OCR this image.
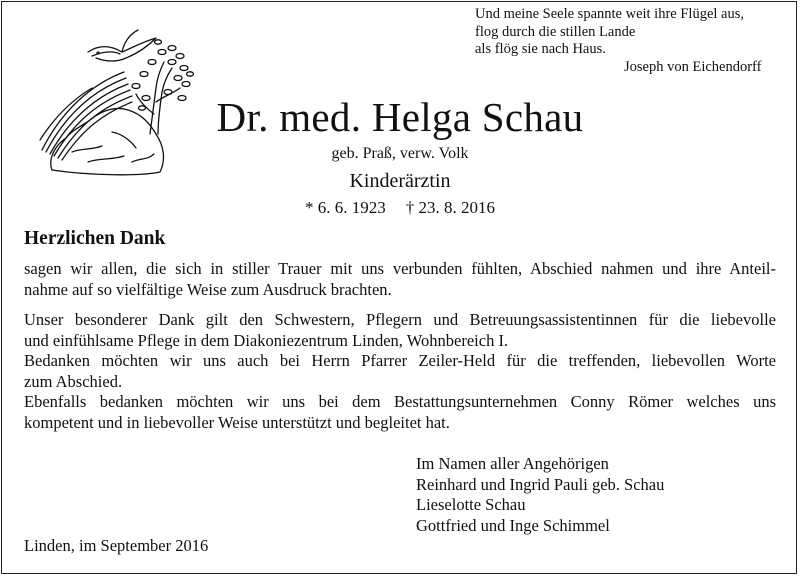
Und meine Seele spannte weit ihre Flügel aus,
flog durch die stillen Lande
als flög sie nach Haus.
Joseph von Eichendorff
Dr. med. Helga Schau
geb. Praß, verw. Volk
Kinderärztin
* 6. 6. 1923 † 23. 8. 2016
Herzlichen Dank
sagen wir allen, die sich in stiller Trauer mit uns verbunden fühlten, Abschied nahmen und ihre Anteil-
nahme auf so vielfältige Weise zum Ausdruck brachten.
Unser besonderer Dank gilt den Schwestern, Pflegern und Betreuungsassistentinnen für die liebevolle
und einfühlsame Pflege in dem Diakoniezentrum Linden, Wohnbereich I.
Bedanken möchten wir uns auch bei Herrn Pfarrer Zeiler-Held für die treffenden, liebevollen Worte
zum Abschied.
Ebenfalls bedanken möchten wir uns bei dem Bestattungsunternehmen Conny Römer welches uns
kompetent und in liebevoller Weise unterstützt und begleitet hat.
Im Namen aller Angehörigen
Reinhard und Ingrid Pauli geb. Schau
Lieselotte Schau
Gottfried und Inge Schimmel
Linden, im September 2016
